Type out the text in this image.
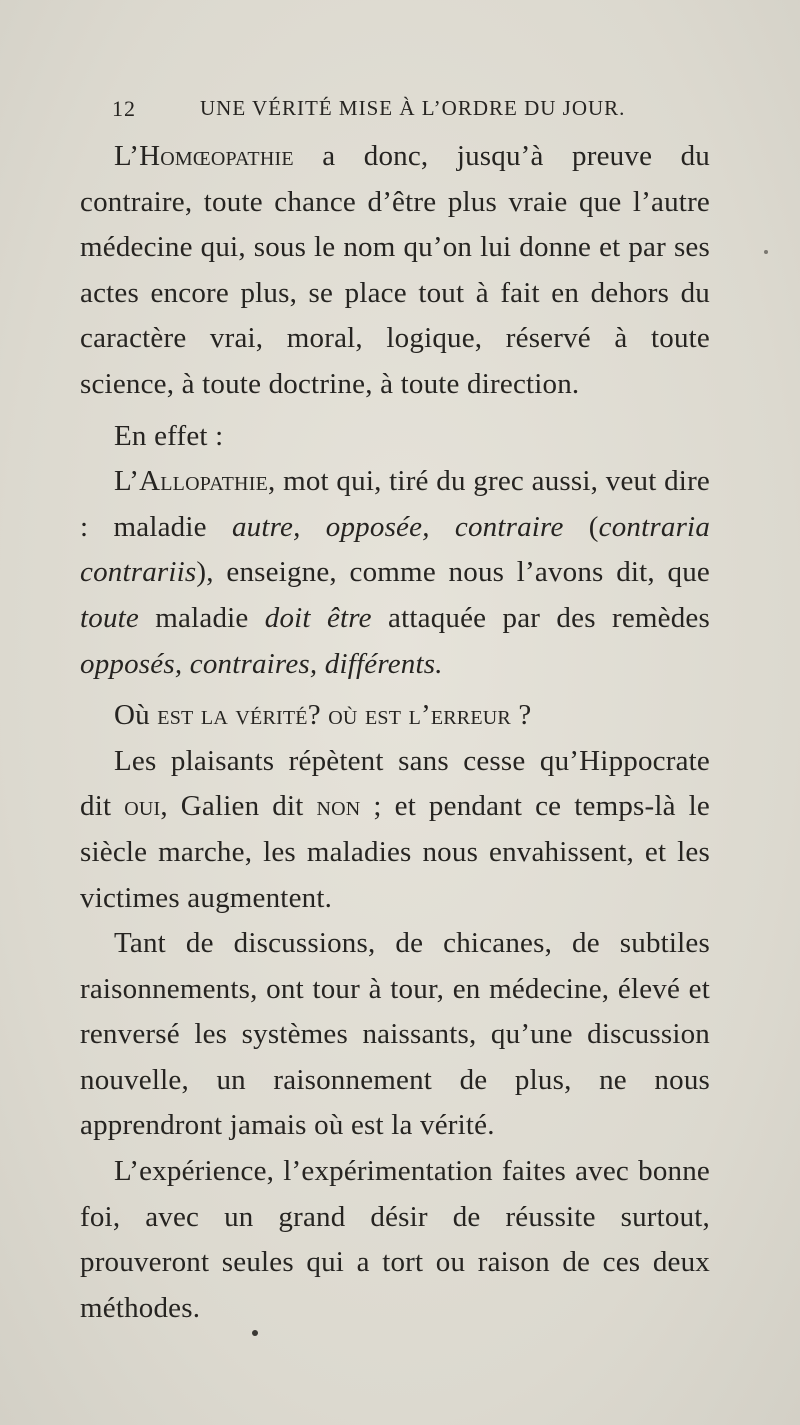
12	UNE VÉRITÉ MISE À L’ORDRE DU JOUR.

L’Homœopathie a donc, jusqu’à preuve du contraire, toute chance d’être plus vraie que l’autre médecine qui, sous le nom qu’on lui donne et par ses actes encore plus, se place tout à fait en dehors du caractère vrai, moral, logique, réservé à toute science, à toute doctrine, à toute direction.

En effet :

L’Allopathie, mot qui, tiré du grec aussi, veut dire : maladie autre, opposée, contraire (contraria contrariis), enseigne, comme nous l’avons dit, que toute maladie doit être attaquée par des remèdes opposés, contraires, différents.

Où est la vérité? où est l’erreur ?

Les plaisants répètent sans cesse qu’Hippocrate dit oui, Galien dit non ; et pendant ce temps-là le siècle marche, les maladies nous envahissent, et les victimes augmentent.

Tant de discussions, de chicanes, de subtiles raisonnements, ont tour à tour, en médecine, élevé et renversé les systèmes naissants, qu’une discussion nouvelle, un raisonnement de plus, ne nous apprendront jamais où est la vérité.

L’expérience, l’expérimentation faites avec bonne foi, avec un grand désir de réussite surtout, prouveront seules qui a tort ou raison de ces deux méthodes.
